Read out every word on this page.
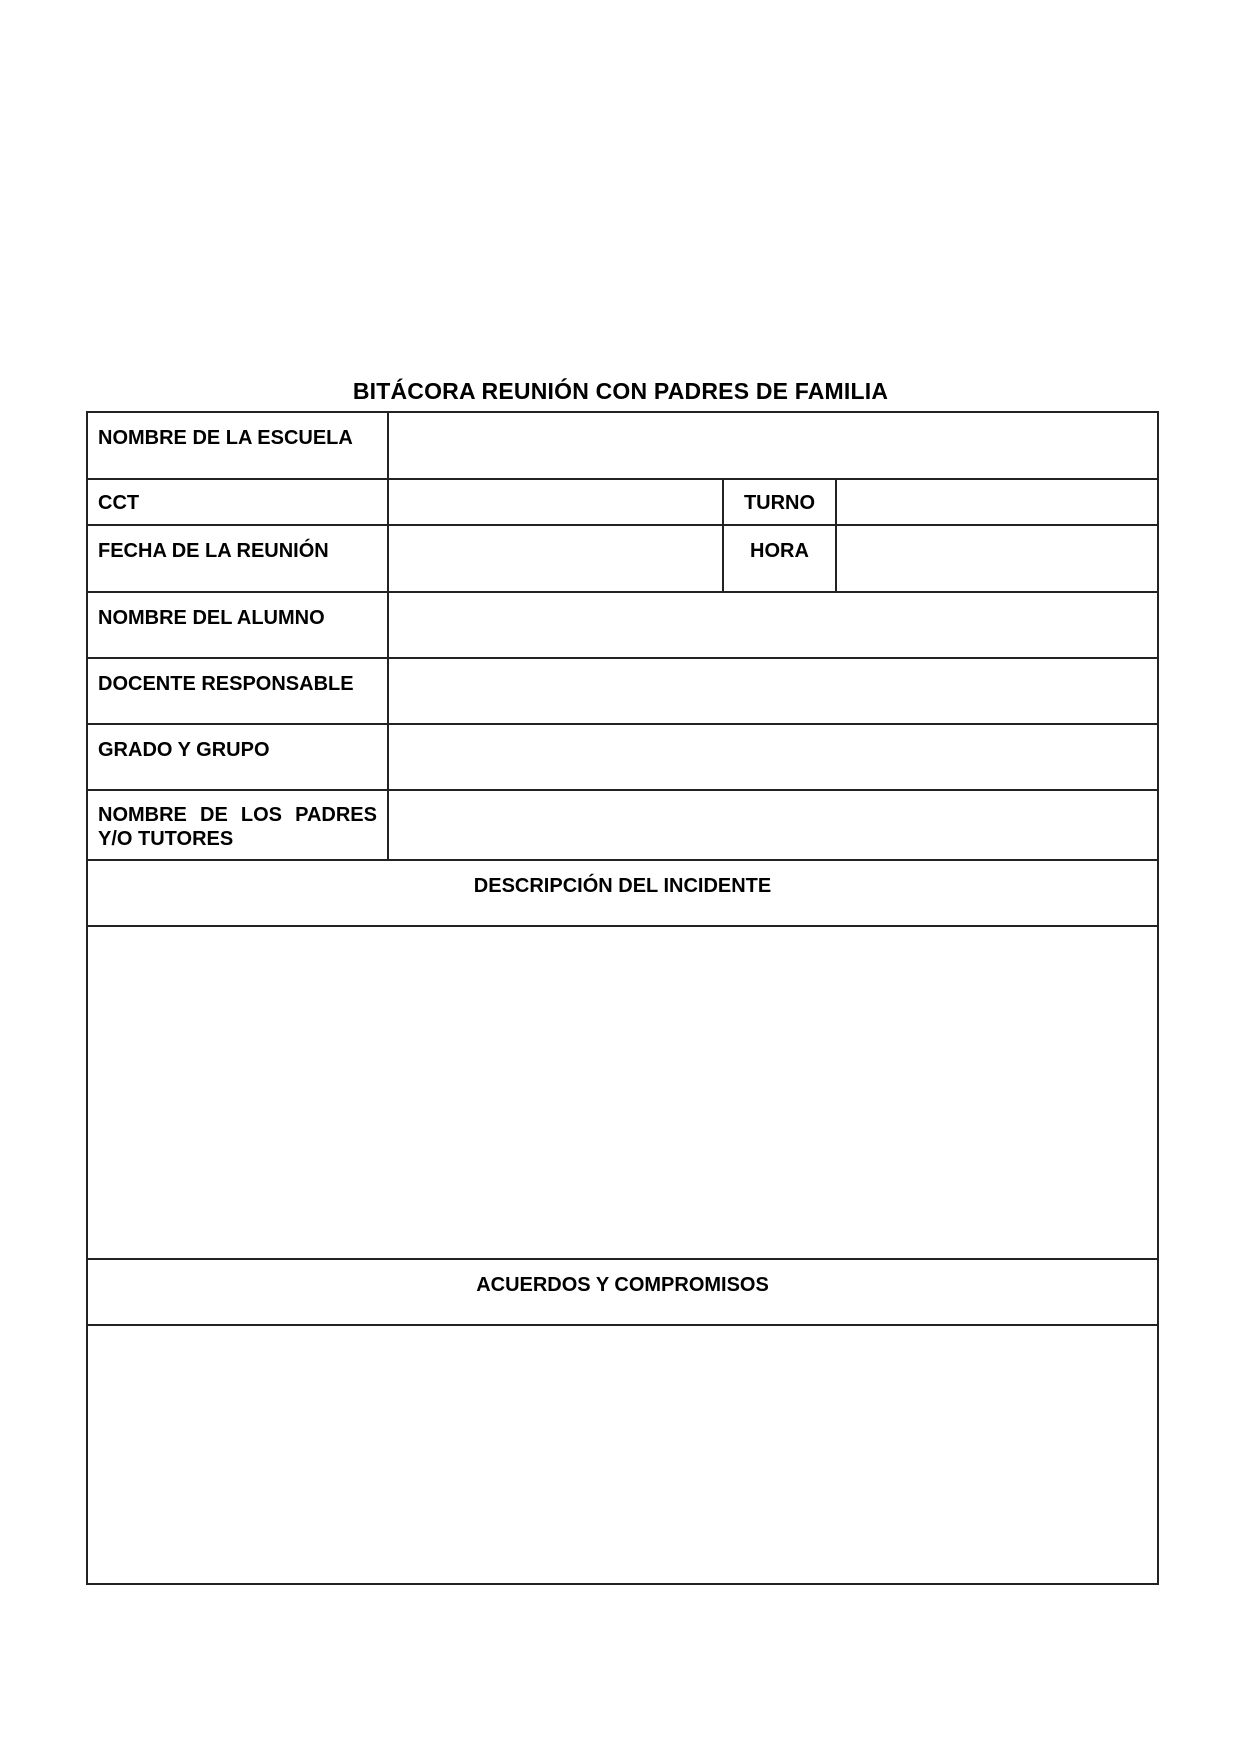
BITÁCORA REUNIÓN CON PADRES DE FAMILIA
NOMBRE DE LA ESCUELA			
CCT		TURNO	
FECHA DE LA REUNIÓN		HORA	
NOMBRE DEL ALUMNO			
DOCENTE RESPONSABLE			
GRADO Y GRUPO			
NOMBRE DE LOS PADRES Y/O TUTORES			
DESCRIPCIÓN DEL INCIDENTE			

ACUERDOS Y COMPROMISOS			
